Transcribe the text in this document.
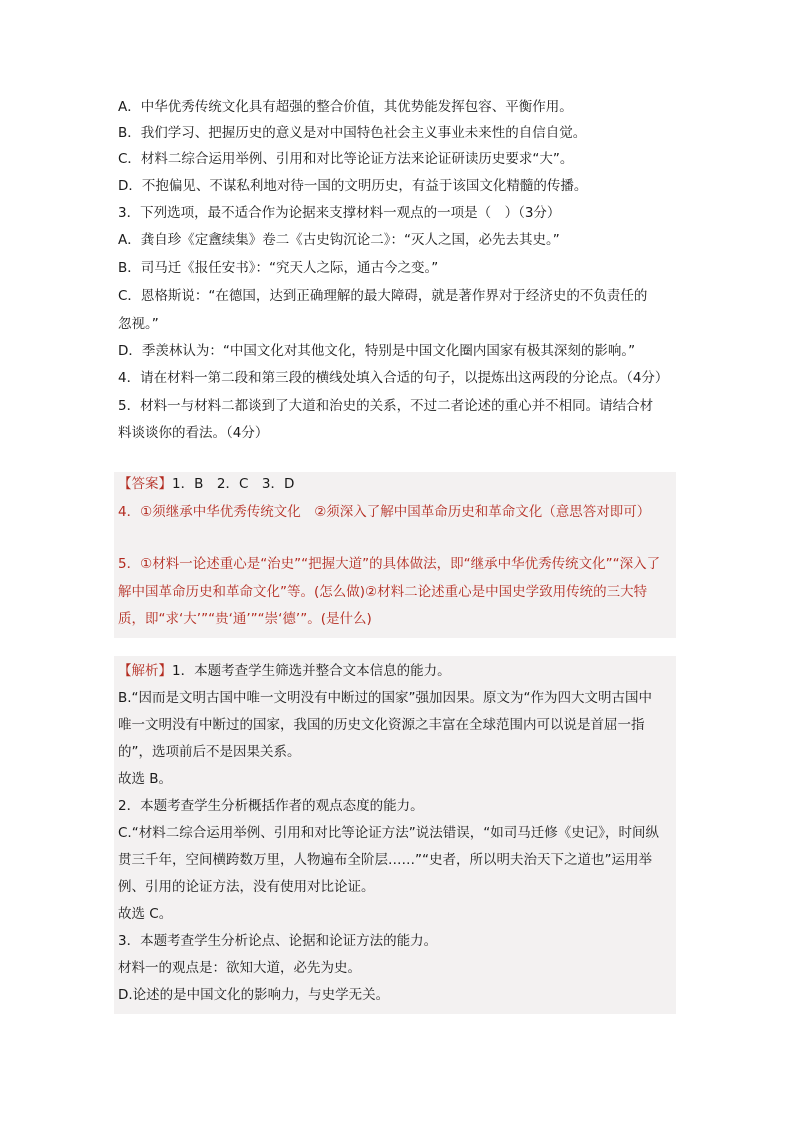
A．中华优秀传统文化具有超强的整合价值，其优势能发挥包容、平衡作用。
B．我们学习、把握历史的意义是对中国特色社会主义事业未来性的自信自觉。
C．材料二综合运用举例、引用和对比等论证方法来论证研读历史要求“大”。
D．不抱偏见、不谋私利地对待一国的文明历史，有益于该国文化精髓的传播。
3．下列选项，最不适合作为论据来支撑材料一观点的一项是（　）（3分）
A．龚自珍《定盦续集》卷二《古史钩沉论二》：“灭人之国，必先去其史。”
B．司马迁《报任安书》：“究天人之际，通古今之变。”
C．恩格斯说：“在德国，达到正确理解的最大障碍，就是著作界对于经济史的不负责任的
忽视。”
D．季羡林认为：“中国文化对其他文化，特别是中国文化圈内国家有极其深刻的影响。”
4．请在材料一第二段和第三段的横线处填入合适的句子，以提炼出这两段的分论点。（4分）
5．材料一与材料二都谈到了大道和治史的关系，不过二者论述的重心并不相同。请结合材
料谈谈你的看法。（4分）
【答案】1．B　2．C　3．D
4．①须继承中华优秀传统文化　②须深入了解中国革命历史和革命文化（意思答对即可）
5．①材料一论述重心是“治史”“把握大道”的具体做法，即“继承中华优秀传统文化”“深入了
解中国革命历史和革命文化”等。(怎么做)②材料二论述重心是中国史学致用传统的三大特
质，即“求‘大’”“贵‘通’”“崇‘德’”。(是什么)
【解析】1．本题考查学生筛选并整合文本信息的能力。
B.“因而是文明古国中唯一文明没有中断过的国家”强加因果。原文为“作为四大文明古国中
唯一文明没有中断过的国家，我国的历史文化资源之丰富在全球范围内可以说是首屈一指
的”，选项前后不是因果关系。
故选 B。
2．本题考查学生分析概括作者的观点态度的能力。
C.“材料二综合运用举例、引用和对比等论证方法”说法错误，“如司马迁修《史记》，时间纵
贯三千年，空间横跨数万里，人物遍布全阶层……”“史者，所以明夫治天下之道也”运用举
例、引用的论证方法，没有使用对比论证。
故选 C。
3．本题考查学生分析论点、论据和论证方法的能力。
材料一的观点是：欲知大道，必先为史。
D.论述的是中国文化的影响力，与史学无关。
